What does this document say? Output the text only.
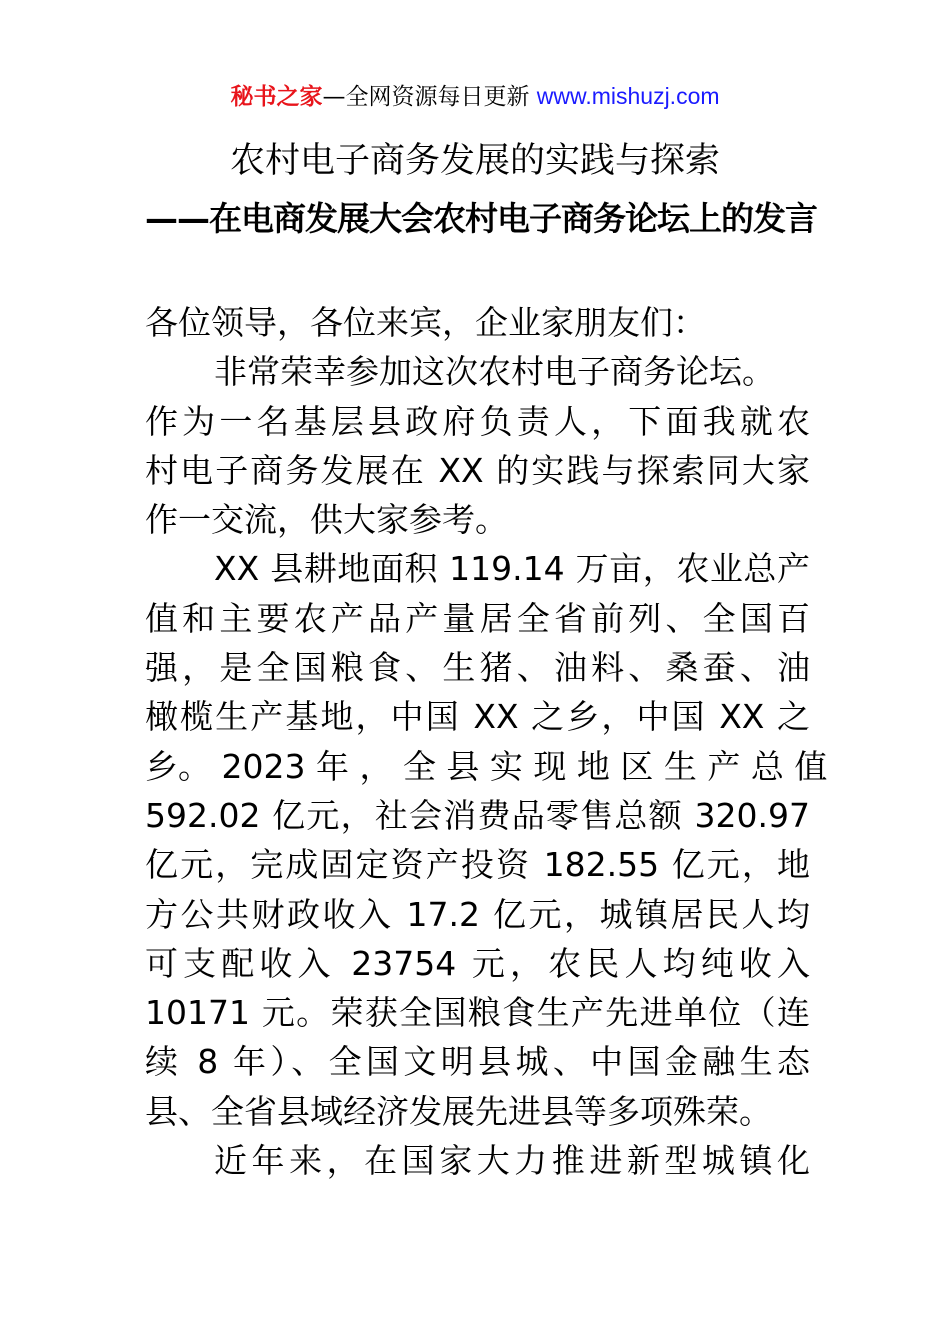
秘书之家—全网资源每日更新 www.mishuzj.com
农村电子商务发展的实践与探索
——在电商发展大会农村电子商务论坛上的发言
各位领导，各位来宾，企业家朋友们：
非常荣幸参加这次农村电子商务论坛。
作为一名基层县政府负责人，下面我就农
村电子商务发展在 XX 的实践与探索同大家
作一交流，供大家参考。
XX 县耕地面积 119.14 万亩，农业总产
值和主要农产品产量居全省前列、全国百
强，是全国粮食、生猪、油料、桑蚕、油
橄榄生产基地，中国 XX 之乡，中国 XX 之
乡。 2023 年 ， 全 县 实 现 地 区 生 产 总 值
592.02 亿元，社会消费品零售总额 320.97
亿元，完成固定资产投资 182.55 亿元，地
方公共财政收入 17.2 亿元，城镇居民人均
可支配收入 23754 元，农民人均纯收入
10171 元。荣获全国粮食生产先进单位（连
续 8 年）、全国文明县城、中国金融生态
县、全省县域经济发展先进县等多项殊荣。
近年来，在国家大力推进新型城镇化
